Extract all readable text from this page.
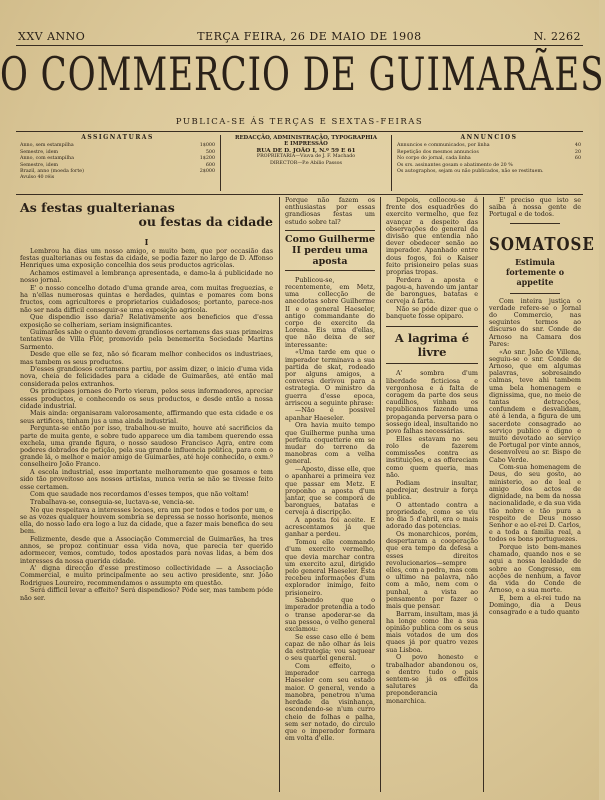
XXV ANNO	TERÇA FEIRA, 26 DE MAIO DE 1908	N. 2262
O COMMERCIO DE GUIMARÃES
PUBLICA-SE ÁS TERÇAS E SEXTAS-FEIRAS
ASSIGNATURAS
Anno, sem estampilha	1$000
Semestre, idem	500
Anno, com estampilha	1$200
Semestre, idem	600
Brazil, anno (moeda forte)	2$000
Avulso 40 réis
REDACÇÃO, ADMINISTRAÇÃO, TYPOGRAPHIA
E IMPRESSÃO
RUA DE D. JOÃO I, N.º 59 E 61
PROPRIETARIA—Viuva de J. F. Machado
DIRECTOR—P.e Abilio Passos
ANNUNCIOS
Annuncios e communicados, por linha	40
Repetição dos mesmos annuncios	20
No corpo do jornal, cada linha	60
Os srs. assinantes gosam o abatimento de 20 %
Os autographos, sejam ou não publicados, não se restituem.
As festas gualterianas
ou festas da cidade
I

Lembrou ha dias um nosso amigo, e muito bem, que por occasião das festas gualterianas ou festas da cidade, se podia fazer no largo de D. Affonso Henriques uma exposição concelhia dos seus productos agricolas.

Achamos estimavel a lembrança apresentada, e damo-la á publicidade no nosso jornal.

E' o nosso concelho dotado d'uma grande area, com muitas freguezias, e ha n'ellas numerosas quintas e herdades, quintas e pomares com bons fructos, com agricultores e proprietarios cuidadosos; portanto, parece-nos não ser nada difficil conseguir-se uma exposição agricola.

Que dispendio isso daria? Relativamente aos beneficios que d'essa exposição se colheriam, seriam insignificantes.

Guimarães sabe o quanto devem grandiosos certamens das suas primeiras tentativas de Villa Flôr, promovido pela benemerita Sociedade Martins Sarmento.

Desde que elle se fez, não só ficaram melhor conhecidos os industriaes, mas tambem os seus productos.

D'esses grandiosos certamens partiu, por assim dizer, o inicio d'uma vida nova, cheia de felicidades para a cidade de Guimarães, até então mal considerada pelos extranhos.

Os principaes jornaes do Porto vieram, pelos seus informadores, apreciar esses productos, e conhecendo os seus productos, e desde então a nossa cidade industrial.

Mais ainda: organisaram valorosamente, affirmando que esta cidade e os seus artifices, tinham jus a uma ainda industrial.

Pergunta-se então por isso, trabalhou-se muito, houve até sacrificios da parte de muita gente, e sobre tudo apparece um dia tambem querendo essa exchela, uma grande figura, o nosso saudoso Francisco Agra, entre com poderes dobrados de petição, pela sua grande influencia politica, para com o grande lá, o melhor e maior amigo de Guimarães, até hoje conhecido, o exm.º conselheiro João Franco.

A escola industrial, esse importante melhoramento que gosamos e tem sido tão proveitoso aos nossos artistas, nunca veria se não se tivesse feito esse certamen.

Com que saudade nos recordamos d'esses tempos, que não voltam!

Trabalhava-se, conseguia-se, luctava-se, vencia-se.

No que respeitava a interesses locaes, era um por todos e todos por um, e se as vozes qualquer houvem sombria se depressa se nosso horisonte, menos ella, do nosso lado era logo a luz da cidade, que a fazer mais benefica do seu bem.

Felizmente, desde que a Associação Commercial de Guimarães, ha tres annos, se propoz continuar essa vida nova, que parecia ter querido adormecer, vemos, comtudo, todos apostados para novas lidas, a bem dos interesses da nossa querida cidade.

A' digna direcção d'esse prestimoso collectividade — a Associação Commercial, e muito principalmente ao seu activo presidente, snr. João Rodrigues Loureiro, recommendamos o assumpto em questão.

Será difficil levar a effeito? Será dispendioso? Póde ser, mas tambem póde não ser.

Porque não fazem os enthusiastas por essas grandiosas festas um estudo sobre tal?

Como Guilherme II perdeu uma aposta

Publicou-se, recentemente, em Metz, uma collecção de anecdotas sobre Guilherme II e o general Haeseler, antigo commandante do corpo de exercito da Lorena. Eis uma d'ellas, que não deixa de ser interessante:

«Uma tarde em que o imperador terminava a sua partida de skat, rodeado por alguns amigos, a conversa derivou para a estrategia. O ministro da guerra d'esse epoca, arriscou a seguinte phrase:

—Não é possivel apanhar Haeseler.

Ora havia muito tempo que Guilherme punha uma perfeita coquetterie em se mudar do terreno da manobras com a velha general.

—Aposto, disse elle, que o apanharei a primeira vez que passar em Metz. E proponho a aposta d'um jantar, que se comporá de barongues, batatas e cerveja á discripção.

A aposta foi aceite. E acrescentamos já que ganhar a perdeu.

Tomou elle commando d'um exercito vermelho, que devia marchar contra um exercito azul, dirigido pelo general Haeseler. Esta recebeu informações d'um explorador inimigo, feito prisioneiro.

Sabendo que o imperador pretendia a todo o transe apoderar-se da sua pessoa, o velho general exclamou:

Se esse caso elle é bem capaz de não olhar ás leis da estrategia; vou saquear o seu quartel general.

Com effeito, o imperador carrega Haeseler com seu estado maior. O general, vendo a manobra, penetrou n'uma herdade da visinhança, escondendo-se n'um curro cheio de folhas e palha, sem ser notado, do circulo que o imperador formara em volta d'elle.

Depois, collocou-se á frente dos esquadrões do exercito vermelho, que fez avançar a despeito das observações do general da divisão que entendia não dever obedecer senão ao imperador. Apanhado entre dous fogos, foi o Kaiser feito prisioneiro pelas suas proprias tropas.

Perdera a aposta e pagou-a, havendo um jantar de barongues, batatas e cerveja á farta.

Não se póde dizer que o banquete fosse opiparo.

A lagrima é livre

A' sombra d'um liberdade ficticiosa e vergonhosa e á falta de coragem da parte dos seus caudilhos, vinham os republicanos fazendo uma propaganda perversa para o sossego ideal, insultando no povo falhas necessárias.

Elles estavam no seu rolo de fazerem commissões contra as instituições, e as offereciam como quem queria, mas não.

Podiam insultar, apedrejar, destruir a força publica.

O attentado contra a propriedade, como se viu no dia 5 d'abril, era o mais adorado das potencias.

Os monarchicos, porém, despertaram a cooperação que era tempo da defesa a esses direitos revolucionarios—sempre elles, com a pedra, mas com o ultimo na palavra, não com a mão, nem com o punhal, a vista ao pensamento por fazer o mais que pensar.

Barram, insultam, mas já ha longe como lhe a sua opinião publica com os seus mais votados de um dos quaes já por quatro vezes sua Lisboa.

O povo honesto e trabalhador abandonou os, e dentro tudo o pais sentem-se já os effeitos salutares da preponderancia monarchica.

E' preciso que isto se saiba á nossa gente de Portugal e de todos.

SOMATOSE
Estimula fortemente o appetite

Com inteira justiça o verdade refere-se o Jornal do Commercio, nas seguintes termos ao discurso do snr. Conde de Arnoso na Camara dos Pares:

«Ao snr. João de Villena, seguiu-se o snr. Conde de Arnoso, que em algumas palavras, sobresaindo calmas, teve ahi tambem uma bela homenagem e dignissima, que, no meio de tantas detracções, confundem e desvalidam, até á lenda, a figura de um sacerdote consagrado ao serviço publico e digno e muito devotado ao serviço de Portugal por vinte annos, desenvolveu ao sr. Bispo de Cabo Verde.

Com-sua homenagem de Deus, do seu gosto, ao ministerio, ao de leal e amigo dos actos de dignidade, na bem da nossa nacionalidade, e da sua vida tão nobre e tão pura a respeito de Deus nosso Senhor e ao el-rei D. Carlos, e a toda a familia real, a todos os bons portuguezes.

Porque isto bem-manes chamado, quando nos e se aqui a nossa lealdade de sobre ao Congresso, em acções de nenhum, a favor da vida do Conde de Arnoso, e a sua morte.

E, bem a el-rei tudo na Domingo, dia a Deus consagrado e a tudo quanto
